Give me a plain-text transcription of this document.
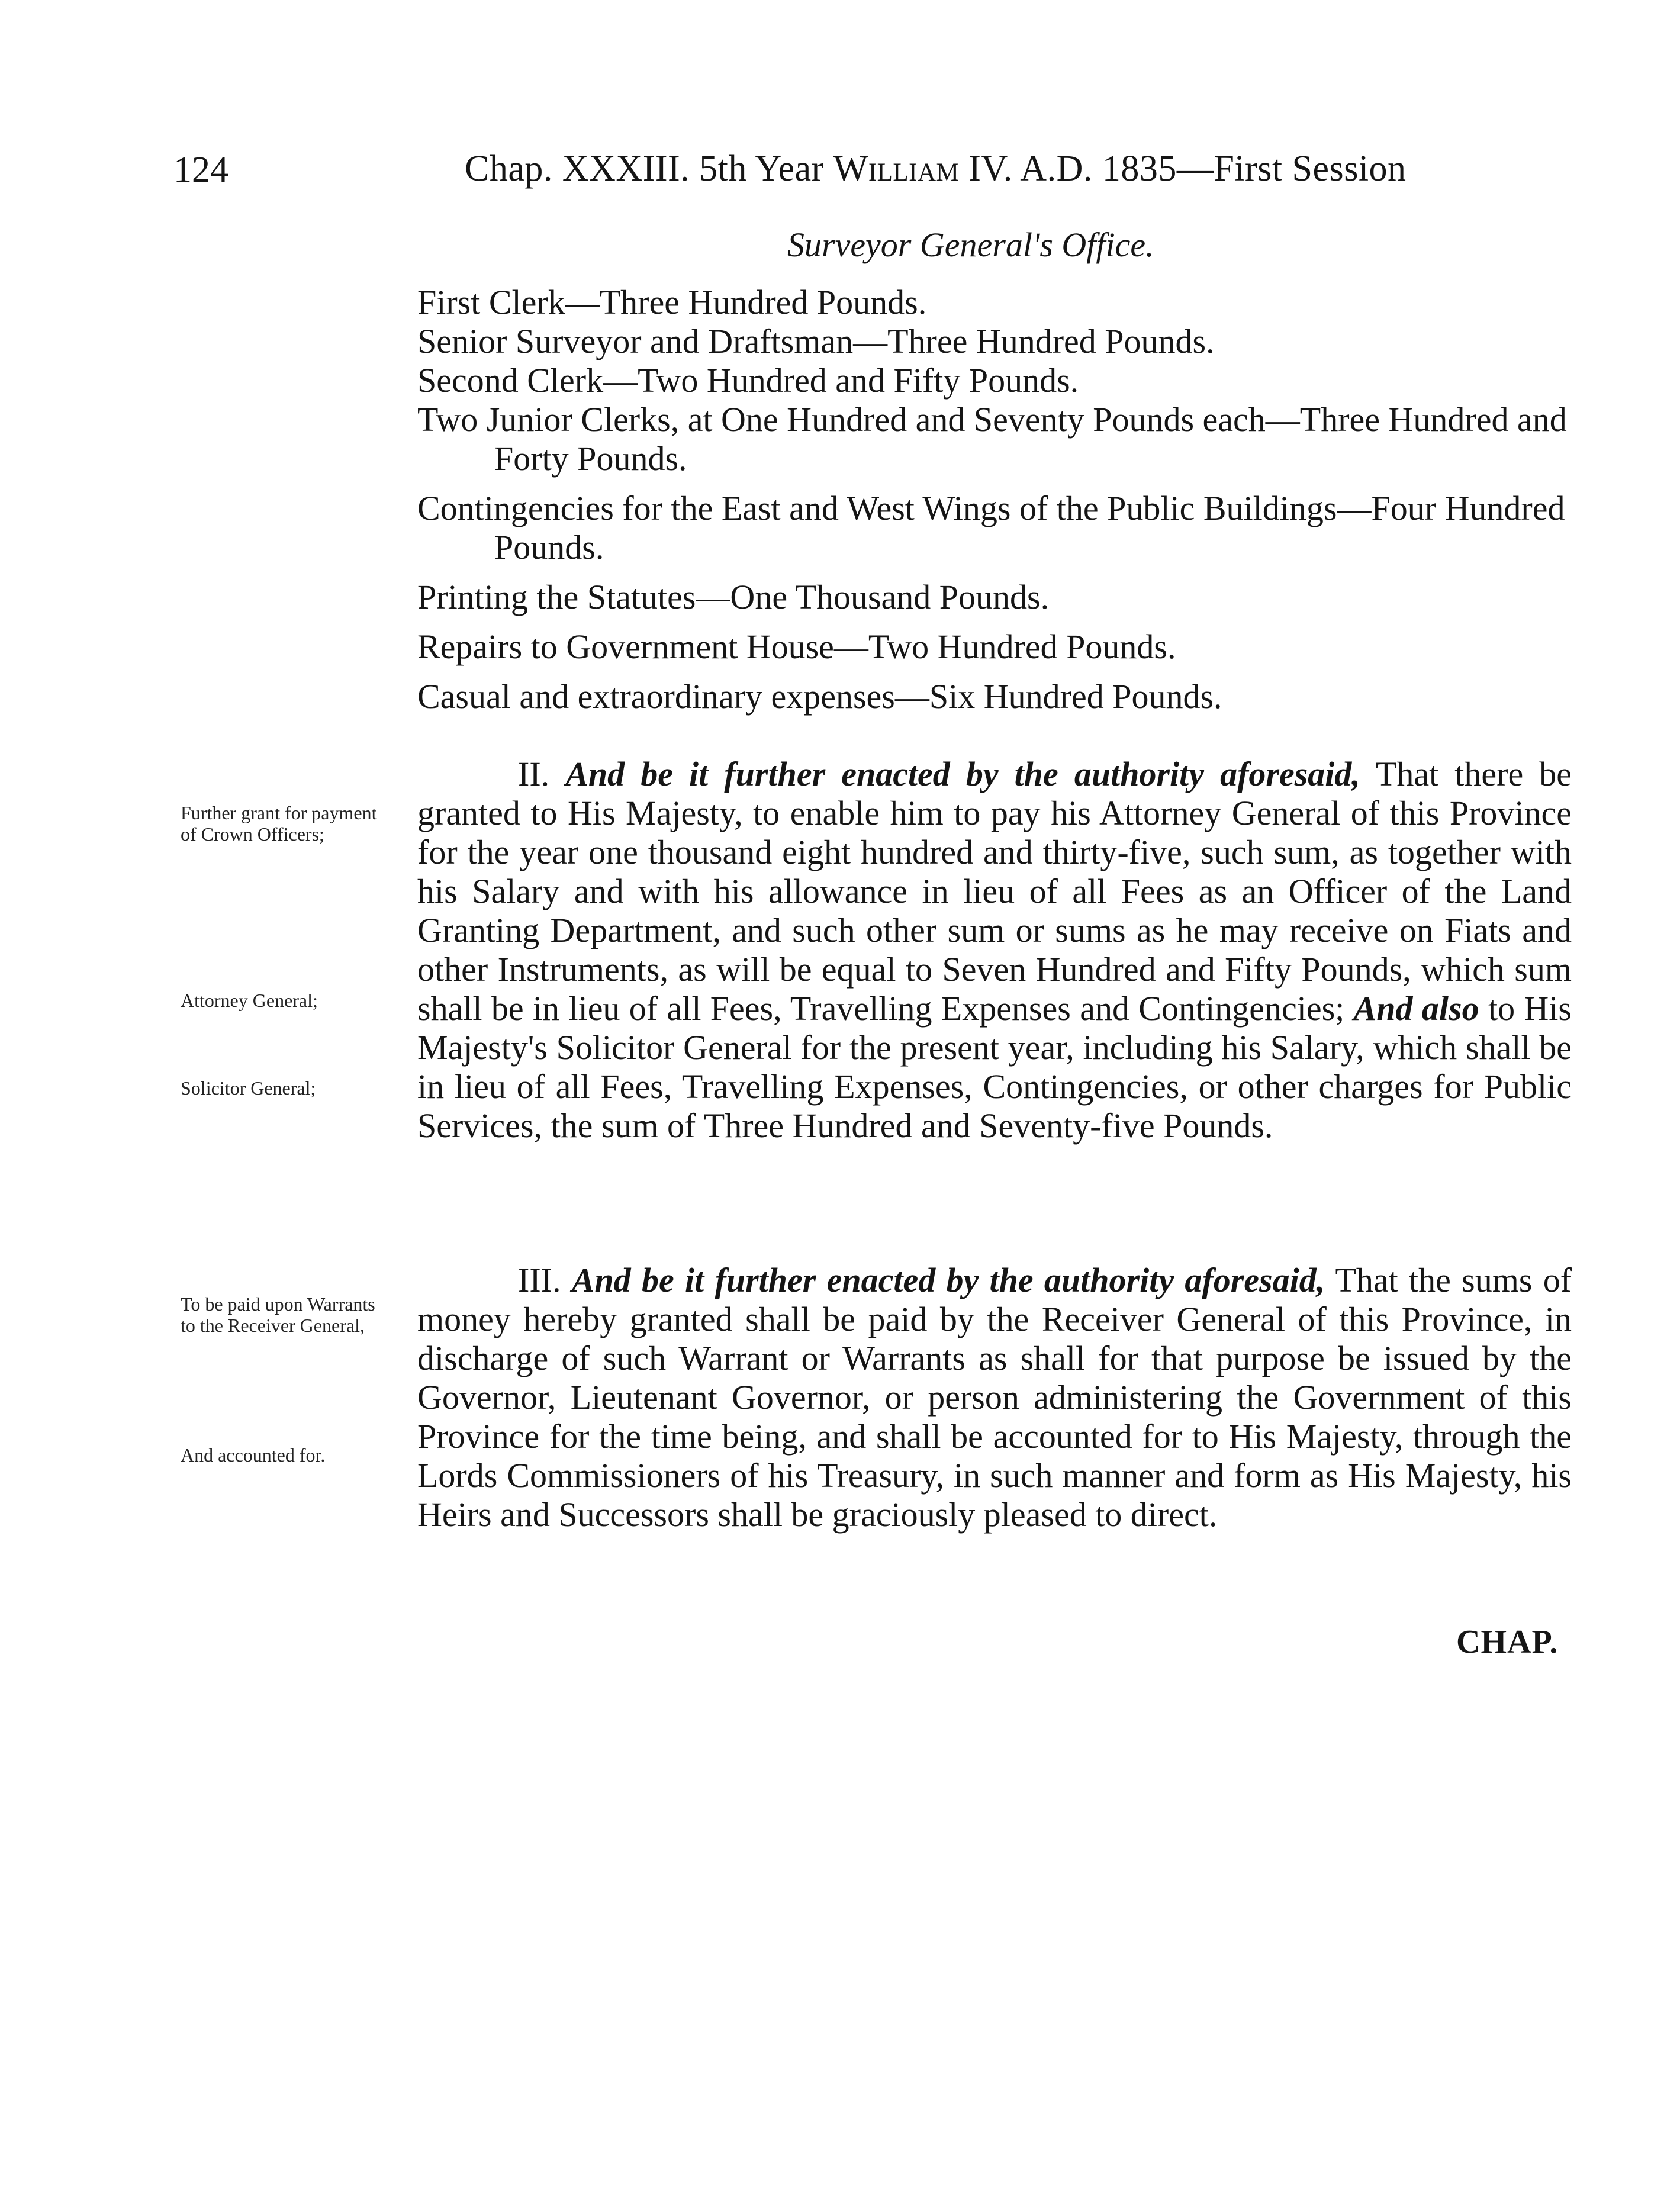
124	Chap. XXXIII. 5th Year William IV. A.D. 1835—First Session
Surveyor General's Office.

First Clerk—Three Hundred Pounds.

Senior Surveyor and Draftsman—Three Hundred Pounds.

Second Clerk—Two Hundred and Fifty Pounds.

Two Junior Clerks, at One Hundred and Seventy Pounds each—Three Hundred and Forty Pounds.

Contingencies for the East and West Wings of the Public Buildings—Four Hundred Pounds.

Printing the Statutes—One Thousand Pounds.

Repairs to Government House—Two Hundred Pounds.

Casual and extraordinary expenses—Six Hundred Pounds.

II. And be it further enacted by the authority aforesaid, That there be granted to His Majesty, to enable him to pay his Attorney General of this Province for the year one thousand eight hundred and thirty-five, such sum, as together with his Salary and with his allowance in lieu of all Fees as an Officer of the Land Granting Department, and such other sum or sums as he may receive on Fiats and other Instruments, as will be equal to Seven Hundred and Fifty Pounds, which sum shall be in lieu of all Fees, Travelling Expenses and Contingencies; And also to His Majesty's Solicitor General for the present year, including his Salary, which shall be in lieu of all Fees, Travelling Expenses, Contingencies, or other charges for Public Services, the sum of Three Hundred and Seventy-five Pounds.

III. And be it further enacted by the authority aforesaid, That the sums of money hereby granted shall be paid by the Receiver General of this Province, in discharge of such Warrant or Warrants as shall for that purpose be issued by the Governor, Lieutenant Governor, or person administering the Government of this Province for the time being, and shall be accounted for to His Majesty, through the Lords Commissioners of his Treasury, in such manner and form as His Majesty, his Heirs and Successors shall be graciously pleased to direct.

Further grant for payment of Crown Officers;
Attorney General;
Solicitor General;
To be paid upon Warrants to the Receiver General,
And accounted for.
CHAP.
